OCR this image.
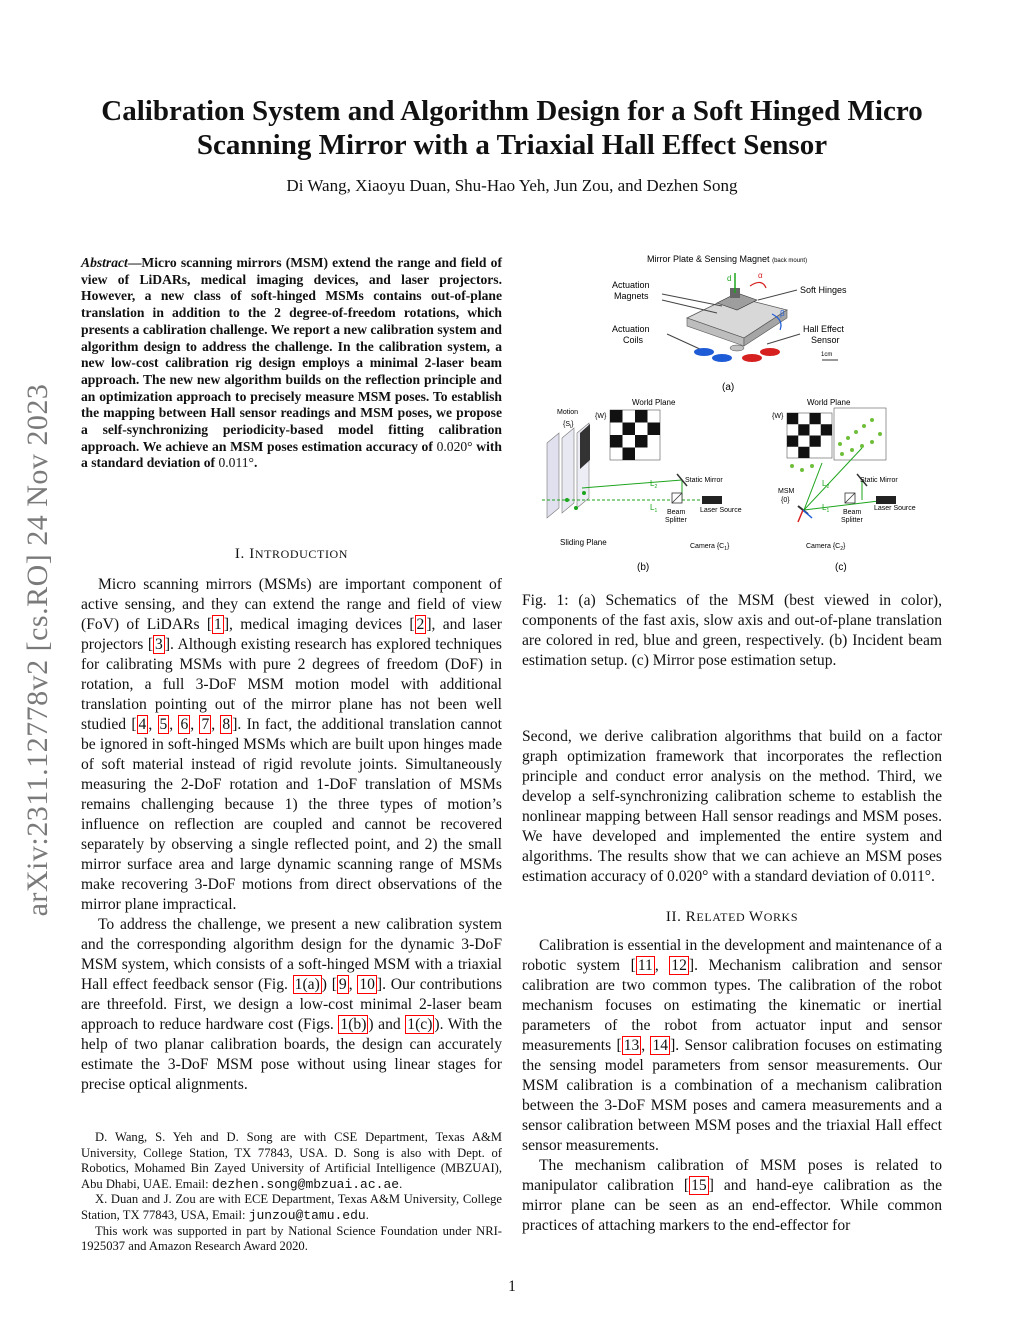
arXiv:2311.12778v2 [cs.RO] 24 Nov 2023
Calibration System and Algorithm Design for a Soft Hinged Micro
Scanning Mirror with a Triaxial Hall Effect Sensor
Di Wang, Xiaoyu Duan, Shu-Hao Yeh, Jun Zou, and Dezhen Song
Abstract—Micro scanning mirrors (MSM) extend the range and field of view of LiDARs, medical imaging devices, and laser projectors. However, a new class of soft-hinged MSMs contains out-of-plane translation in addition to the 2 degree-of-freedom rotations, which presents a cabliration challenge. We report a new calibration system and algorithm design to address the challenge. In the calibration system, a new low-cost calibration rig design employs a minimal 2-laser beam approach. The new new algorithm builds on the reflection principle and an optimization approach to precisely measure MSM poses. To establish the mapping between Hall sensor readings and MSM poses, we propose a self-synchronizing periodicity-based model fitting calibration approach. We achieve an MSM poses estimation accuracy of 0.020° with a standard deviation of 0.011°.
I. INTRODUCTION

Micro scanning mirrors (MSMs) are important component of active sensing, and they can extend the range and field of view (FoV) of LiDARs [ 1 ], medical imaging devices [ 2 ], and laser projectors [ 3 ]. Although existing research has explored techniques for calibrating MSMs with pure 2 degrees of freedom (DoF) in rotation, a full 3-DoF MSM motion model with additional translation pointing out of the mirror plane has not been well studied [ 4 , 5 , 6 , 7 , 8 ]. In fact, the additional translation cannot be ignored in soft-hinged MSMs which are built upon hinges made of soft material instead of rigid revolute joints. Simultaneously measuring the 2-DoF rotation and 1-DoF translation of MSMs remains challenging because 1) the three types of motion’s influence on reflection are coupled and cannot be recovered separately by observing a single reflected point, and 2) the small mirror surface area and large dynamic scanning range of MSMs make recovering 3-DoF motions from direct observations of the mirror plane impractical.

To address the challenge, we present a new calibration system and the corresponding algorithm design for the dynamic 3-DoF MSM system, which consists of a soft-hinged MSM with a triaxial Hall effect feedback sensor (Fig. 1(a) ) [ 9 , 10 ]. Our contributions are threefold. First, we design a low-cost minimal 2-laser beam approach to reduce hardware cost (Figs. 1(b) ) and 1(c) ). With the help of two planar calibration boards, the design can accurately estimate the 3-DoF MSM pose without using linear stages for precise optical alignments.

D. Wang, S. Yeh and D. Song are with CSE Department, Texas A&M University, College Station, TX 77843, USA. D. Song is also with Dept. of Robotics, Mohamed Bin Zayed University of Artificial Intelligence (MBZUAI), Abu Dhabi, UAE. Email: dezhen.song@mbzuai.ac.ae.

X. Duan and J. Zou are with ECE Department, Texas A&M University, College Station, TX 77843, USA, Email: junzou@tamu.edu.

This work was supported in part by National Science Foundation under NRI-1925037 and Amazon Research Award 2020.

Mirror Plate & Sensing Magnet (back mount)
Actuation
Magnets
Soft Hinges
Actuation
Coils
Hall Effect
Sensor
d	α
β
1cm
(a)
World Plane
Motion
$\{S_i\}$
{W}
$L_2$
$L_1$
Static Mirror
Beam
Splitter
Laser Source
Sliding Plane	Camera $\{C_1\}$
(b)
World Plane
{W}
$L_2$
$L_1$
MSM
{0}
Static Mirror
Beam
Splitter
Laser Source
Camera $\{C_2\}$
(c)
Fig. 1: (a) Schematics of the MSM (best viewed in color), components of the fast axis, slow axis and out-of-plane translation are colored in red, blue and green, respectively. (b) Incident beam estimation setup. (c) Mirror pose estimation setup.

Second, we derive calibration algorithms that build on a factor graph optimization framework that incorporates the reflection principle and conduct error analysis on the method. Third, we develop a self-synchronizing calibration scheme to establish the nonlinear mapping between Hall sensor readings and MSM poses. We have developed and implemented the entire system and algorithms. The results show that we can achieve an MSM poses estimation accuracy of 0.020° with a standard deviation of 0.011°.

II. RELATED WORKS

Calibration is essential in the development and maintenance of a robotic system [ 11 , 12 ]. Mechanism calibration and sensor calibration are two common types. The calibration of the robot mechanism focuses on estimating the kinematic or inertial parameters of the robot from actuator input and sensor measurements [ 13 , 14 ]. Sensor calibration focuses on estimating the sensing model parameters from sensor measurements. Our MSM calibration is a combination of a mechanism calibration between the 3-DoF MSM poses and camera measurements and a sensor calibration between MSM poses and the triaxial Hall effect sensor measurements.

The mechanism calibration of MSM poses is related to manipulator calibration [ 15 ] and hand-eye calibration as the mirror plane can be seen as an end-effector. While common practices of attaching markers to the end-effector for

1
